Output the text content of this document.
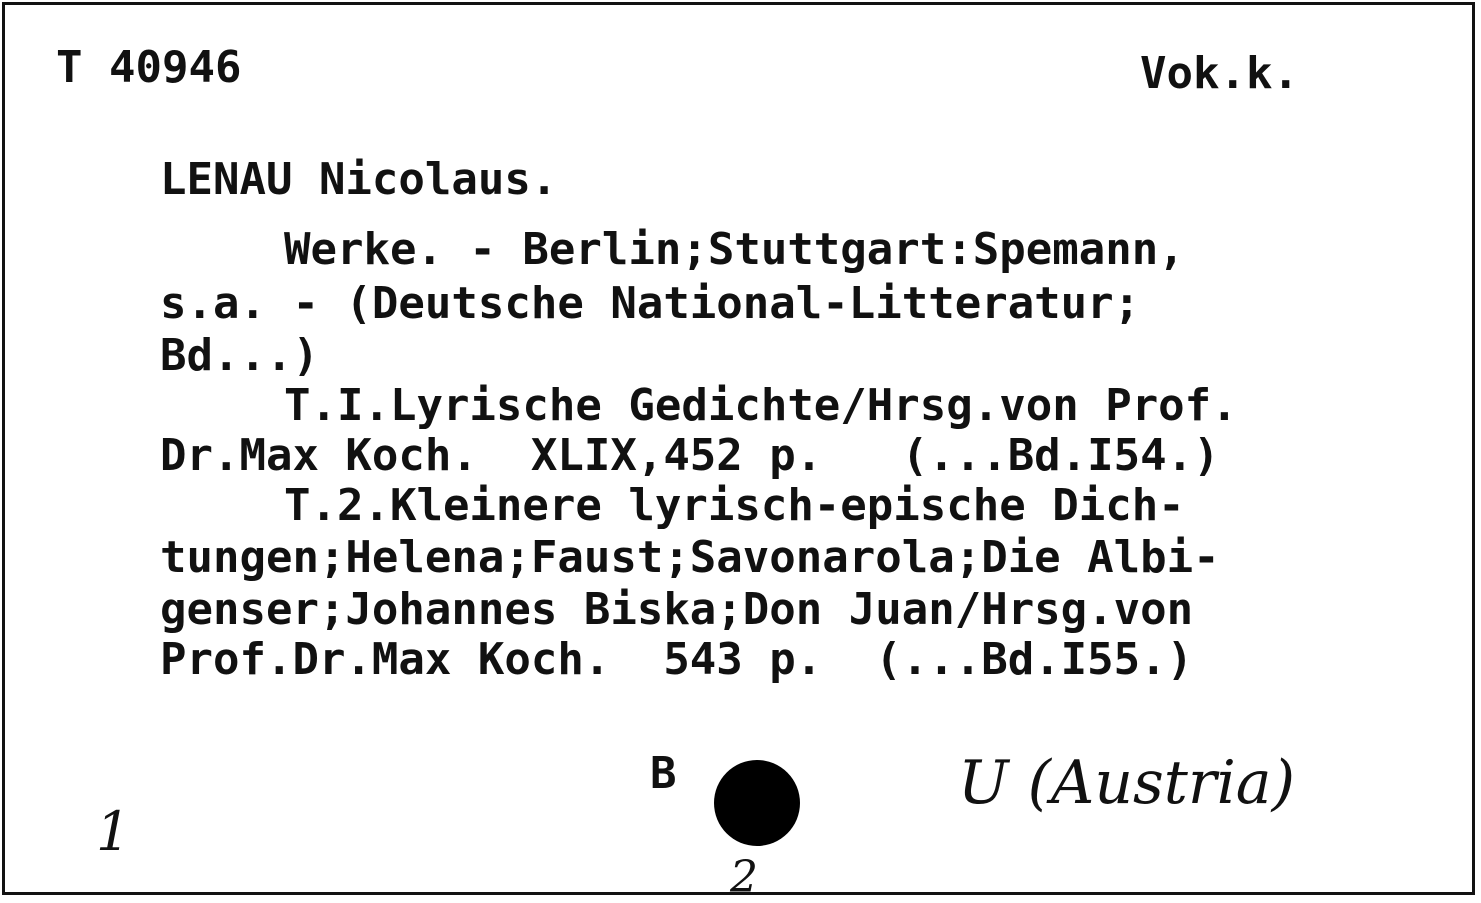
T 40946	Vok.k.
LENAU Nicolaus.
Werke. - Berlin;Stuttgart:Spemann,
s.a. - (Deutsche National-Litteratur;
Bd...)
T.I.Lyrische Gedichte/Hrsg.von Prof.
Dr.Max Koch.  XLIX,452 p.   (...Bd.I54.)
T.2.Kleinere lyrisch-epische Dich-
tungen;Helena;Faust;Savonarola;Die Albi-
genser;Johannes Biska;Don Juan/Hrsg.von
Prof.Dr.Max Koch.  543 p.  (...Bd.I55.)
B
1
2
U (Austria)
